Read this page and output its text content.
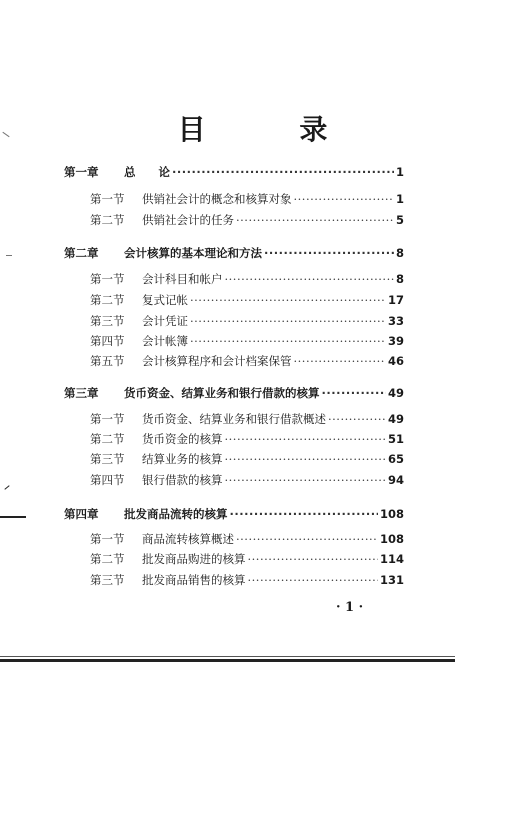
目 录
第一章	总　　论 ·····	1
第一节	供销社会计的概念和核算对象 ·····	1
第二节	供销社会计的任务 ·····	5
第二章	会计核算的基本理论和方法 ·····	8
第一节	会计科目和帐户 ·····	8
第二节	复式记帐 ·····	17
第三节	会计凭证 ·····	33
第四节	会计帐簿 ·····	39
第五节	会计核算程序和会计档案保管 ·····	46
第三章	货币资金、结算业务和银行借款的核算 ·····	49
第一节	货币资金、结算业务和银行借款概述 ·····	49
第二节	货币资金的核算 ·····	51
第三节	结算业务的核算 ·····	65
第四节	银行借款的核算 ·····	94
第四章	批发商品流转的核算 ·····	108
第一节	商品流转核算概述 ·····	108
第二节	批发商品购进的核算 ·····	114
第三节	批发商品销售的核算 ·····	131
· 1 ·
